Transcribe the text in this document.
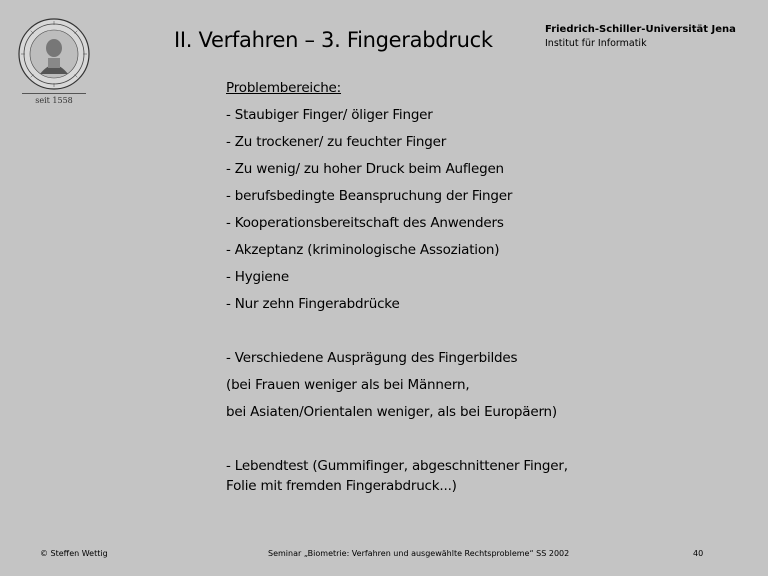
seit 1558
II. Verfahren – 3. Fingerabdruck	Friedrich-Schiller-Universität Jena
Institut für Informatik
Problembereiche:
- Staubiger Finger/ öliger Finger
- Zu trockener/ zu feuchter Finger
- Zu wenig/ zu hoher Druck beim Auflegen
- berufsbedingte Beanspruchung der Finger
- Kooperationsbereitschaft des Anwenders
- Akzeptanz (kriminologische Assoziation)
- Hygiene
- Nur zehn Fingerabdrücke
- Verschiedene Ausprägung des Fingerbildes
(bei Frauen weniger als bei Männern,
bei Asiaten/Orientalen weniger, als bei Europäern)
- Lebendtest (Gummifinger, abgeschnittener Finger,
Folie mit fremden Fingerabdruck...)
© Steffen Wettig	Seminar „Biometrie: Verfahren und ausgewählte Rechtsprobleme“ SS 2002	40
